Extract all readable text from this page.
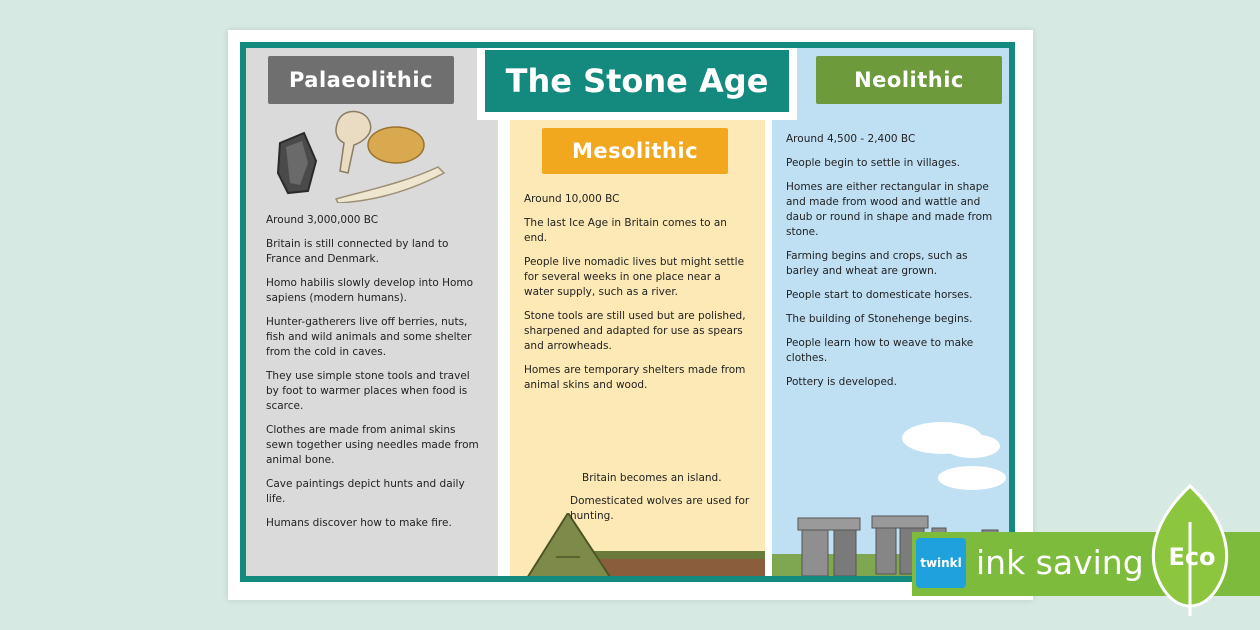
Palaeolithic

Around 3,000,000 BC

Britain is still connected by land to France and Denmark.

Homo habilis slowly develop into Homo sapiens (modern humans).

Hunter-gatherers live off berries, nuts, fish and wild animals and some shelter from the cold in caves.

They use simple stone tools and travel by foot to warmer places when food is scarce.

Clothes are made from animal skins sewn together using needles made from animal bone.

Cave paintings depict hunts and daily life.

Humans discover how to make fire.

Mesolithic

Around 10,000 BC

The last Ice Age in Britain comes to an end.

People live nomadic lives but might settle for several weeks in one place near a water supply, such as a river.

Stone tools are still used but are polished, sharpened and adapted for use as spears and arrowheads.

Homes are temporary shelters made from animal skins and wood.

Britain becomes an island.
Domesticated wolves are used for hunting.
Neolithic

Around 4,500 - 2,400 BC

People begin to settle in villages.

Homes are either rectangular in shape and made from wood and wattle and daub or round in shape and made from stone.

Farming begins and crops, such as barley and wheat are grown.

People start to domesticate horses.

The building of Stonehenge begins.

People learn how to weave to make clothes.

Pottery is developed.

The Stone Age
twinkl ink saving	Eco
